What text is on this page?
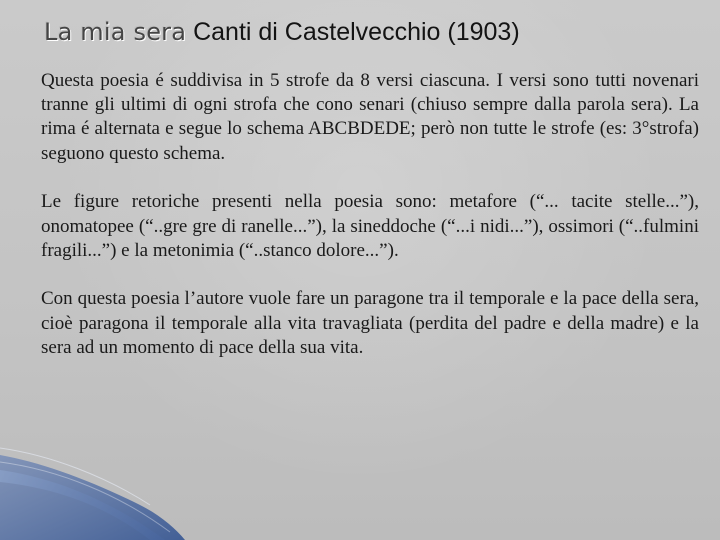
La mia sera Canti di Castelvecchio (1903)

Questa poesia é suddivisa in 5 strofe da 8 versi ciascuna. I versi sono tutti novenari tranne gli ultimi di ogni strofa che cono senari (chiuso sempre dalla parola sera). La rima é alternata e segue lo schema ABCBDEDE; però non tutte le strofe (es: 3°strofa) seguono questo schema.

Le figure retoriche presenti nella poesia sono: metafore (“... tacite stelle...”), onomatopee (“..gre gre di ranelle...”), la sineddoche (“...i nidi...”), ossimori (“..fulmini fragili...”) e la metonimia (“..stanco dolore...”).

Con questa poesia l’autore vuole fare un paragone tra il temporale e la pace della sera, cioè paragona il temporale alla vita travagliata (perdita del padre e della madre) e la sera ad un momento di pace della sua vita.
